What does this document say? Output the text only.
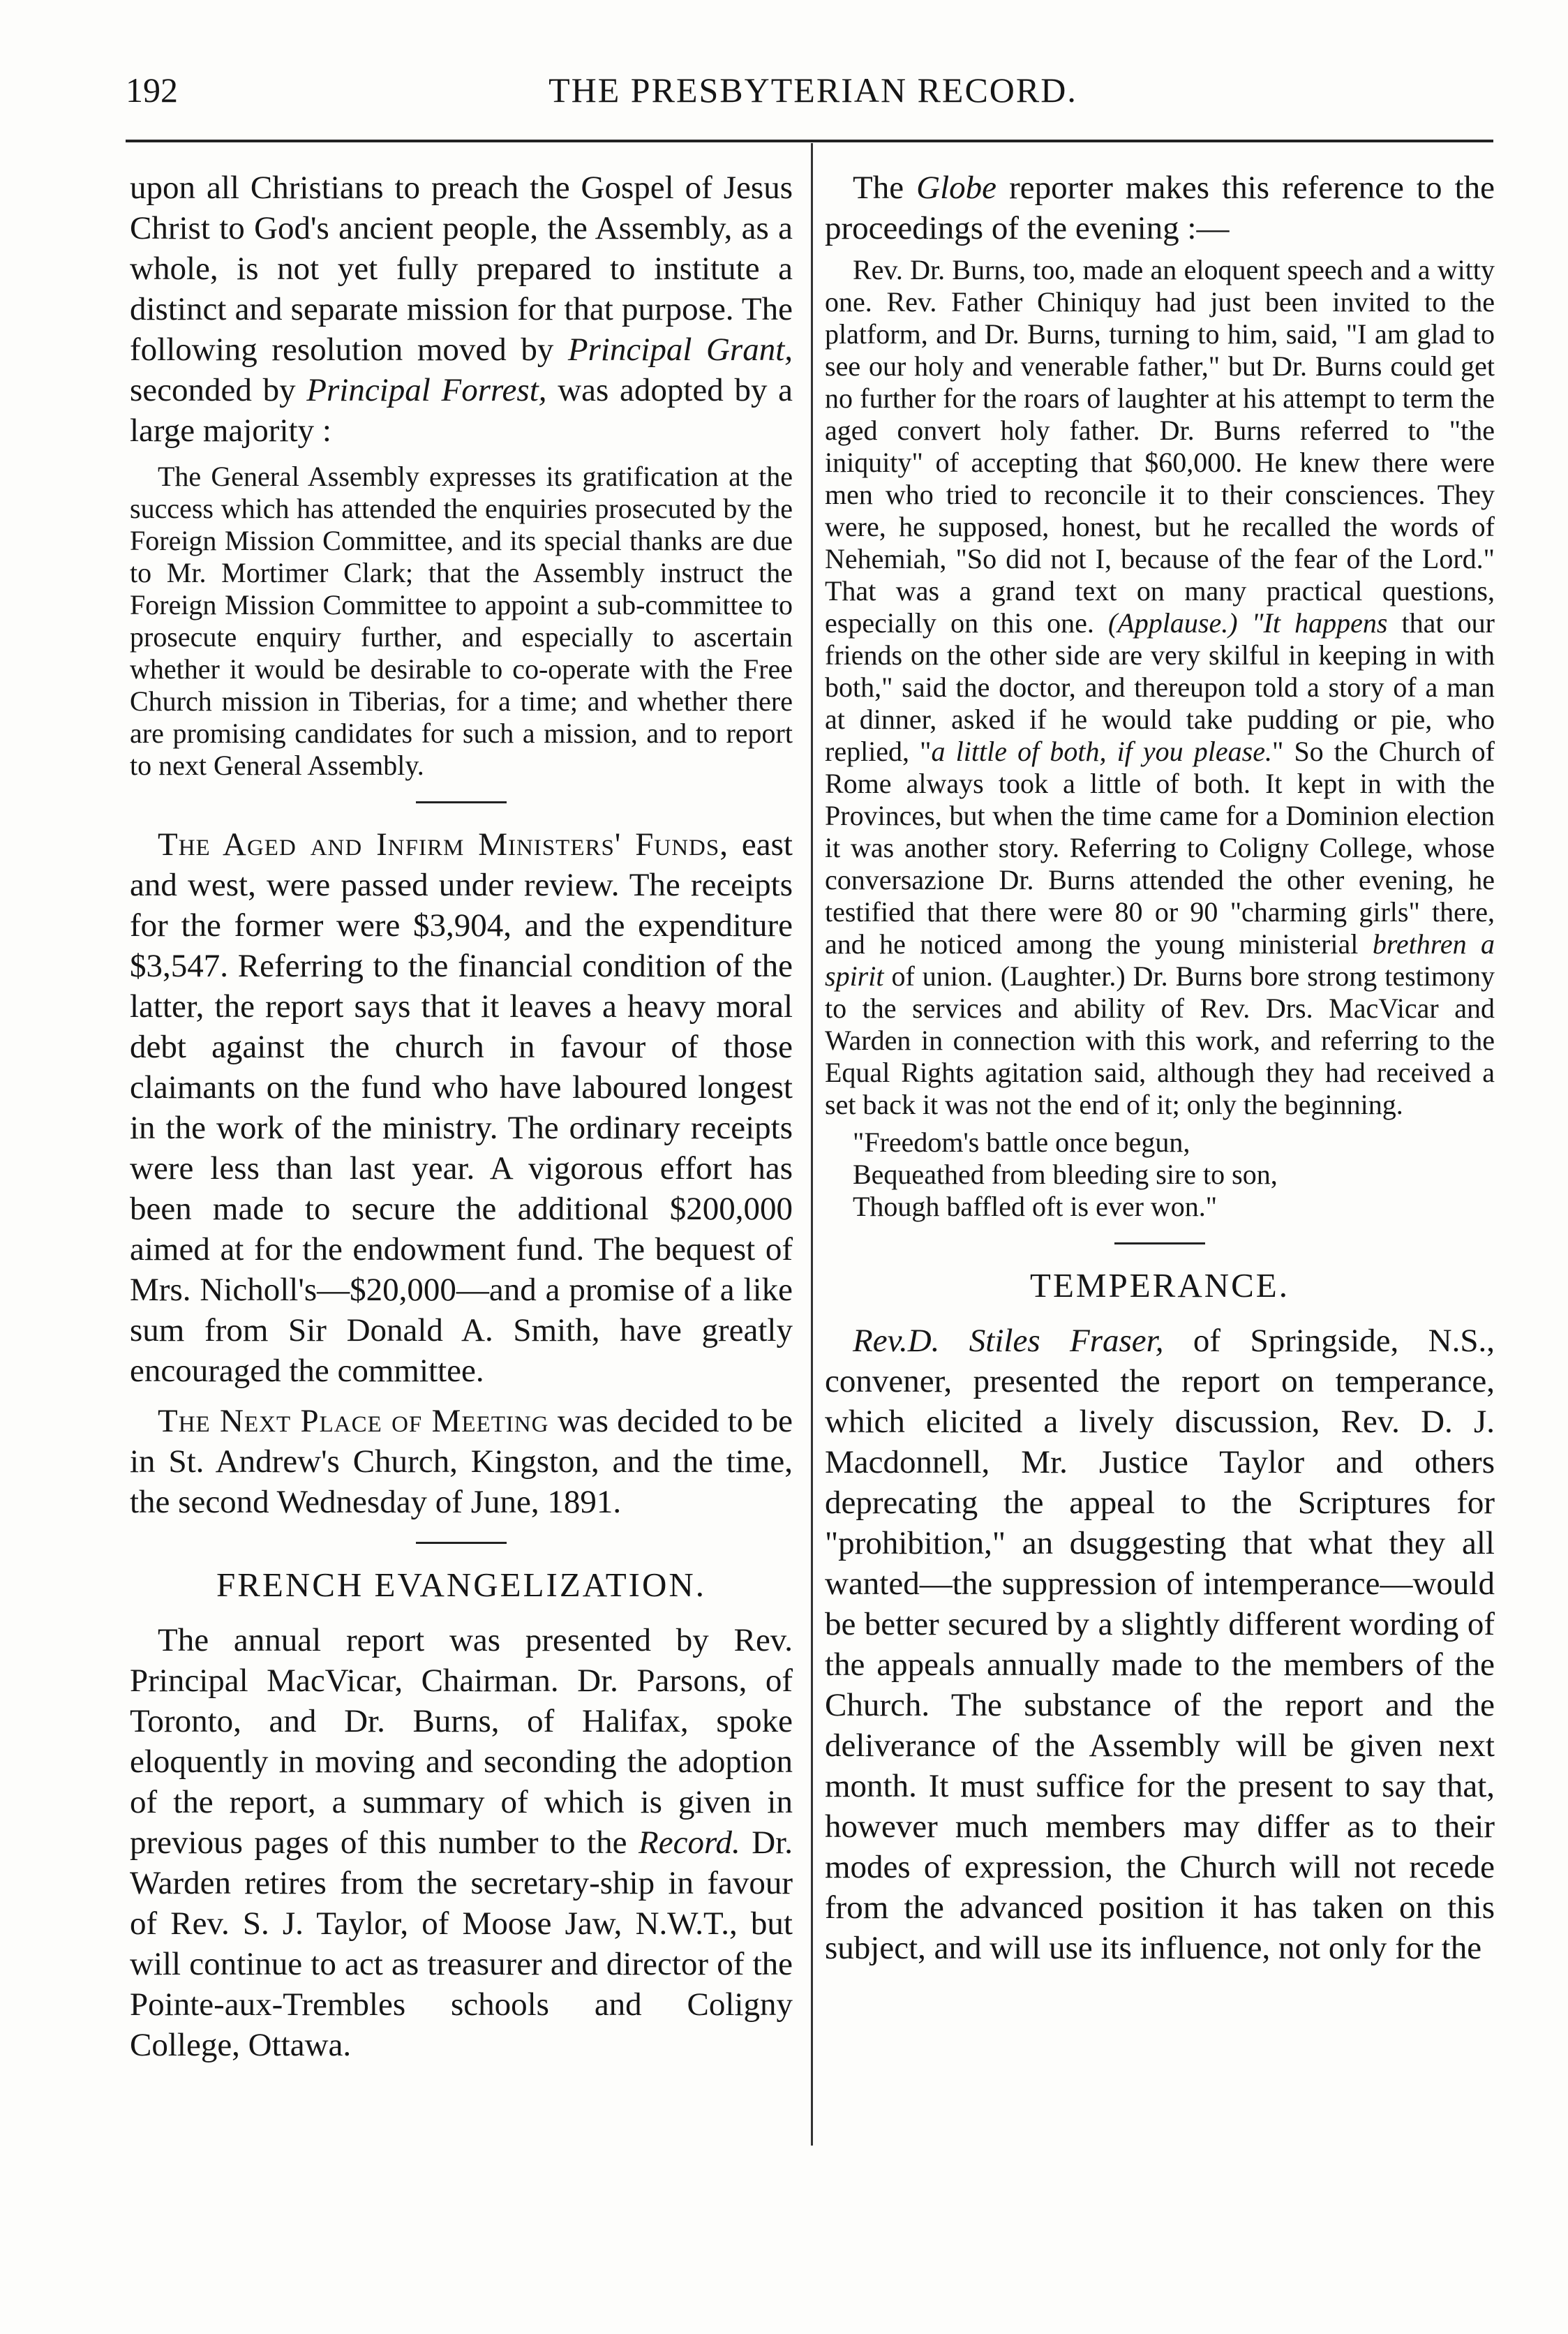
192	THE PRESBYTERIAN RECORD.

upon all Christians to preach the Gospel of Jesus Christ to God's ancient people, the Assembly, as a whole, is not yet fully prepared to institute a distinct and separate mission for that purpose. The following resolution moved by Principal Grant, seconded by Principal Forrest, was adopted by a large majority :

The General Assembly expresses its gratification at the success which has attended the enquiries prosecuted by the Foreign Mission Committee, and its special thanks are due to Mr. Mortimer Clark; that the Assembly instruct the Foreign Mission Committee to appoint a sub-committee to prosecute enquiry further, and especially to ascertain whether it would be desirable to co-operate with the Free Church mission in Tiberias, for a time; and whether there are promising candidates for such a mission, and to report to next General Assembly.

The Aged and Infirm Ministers' Funds, east and west, were passed under review. The receipts for the former were $3,904, and the expenditure $3,547. Referring to the financial condition of the latter, the report says that it leaves a heavy moral debt against the church in favour of those claimants on the fund who have laboured longest in the work of the ministry. The ordinary receipts were less than last year. A vigorous effort has been made to secure the additional $200,000 aimed at for the endowment fund. The bequest of Mrs. Nicholl's—$20,000—and a promise of a like sum from Sir Donald A. Smith, have greatly encouraged the committee.

The Next Place of Meeting was decided to be in St. Andrew's Church, Kingston, and the time, the second Wednesday of June, 1891.

FRENCH EVANGELIZATION.

The annual report was presented by Rev. Principal MacVicar, Chairman. Dr. Parsons, of Toronto, and Dr. Burns, of Halifax, spoke eloquently in moving and seconding the adoption of the report, a summary of which is given in previous pages of this number to the Record. Dr. Warden retires from the secretary-ship in favour of Rev. S. J. Taylor, of Moose Jaw, N.W.T., but will continue to act as treasurer and director of the Pointe-aux-Trembles schools and Coligny College, Ottawa.

The Globe reporter makes this reference to the proceedings of the evening :—

Rev. Dr. Burns, too, made an eloquent speech and a witty one. Rev. Father Chiniquy had just been invited to the platform, and Dr. Burns, turning to him, said, "I am glad to see our holy and venerable father," but Dr. Burns could get no further for the roars of laughter at his attempt to term the aged convert holy father. Dr. Burns referred to "the iniquity" of accepting that $60,000. He knew there were men who tried to reconcile it to their consciences. They were, he supposed, honest, but he recalled the words of Nehemiah, "So did not I, because of the fear of the Lord." That was a grand text on many practical questions, especially on this one. (Applause.) "It happens that our friends on the other side are very skilful in keeping in with both," said the doctor, and thereupon told a story of a man at dinner, asked if he would take pudding or pie, who replied, "a little of both, if you please." So the Church of Rome always took a little of both. It kept in with the Provinces, but when the time came for a Dominion election it was another story. Referring to Coligny College, whose conversazione Dr. Burns attended the other evening, he testified that there were 80 or 90 "charming girls" there, and he noticed among the young ministerial brethren a spirit of union. (Laughter.) Dr. Burns bore strong testimony to the services and ability of Rev. Drs. MacVicar and Warden in connection with this work, and referring to the Equal Rights agitation said, although they had received a set back it was not the end of it; only the beginning.

"Freedom's battle once begun,
Bequeathed from bleeding sire to son,
Though baffled oft is ever won."
TEMPERANCE.

Rev.D. Stiles Fraser, of Springside, N.S., convener, presented the report on temperance, which elicited a lively discussion, Rev. D. J. Macdonnell, Mr. Justice Taylor and others deprecating the appeal to the Scriptures for "prohibition," an dsuggesting that what they all wanted—the suppression of intemperance—would be better secured by a slightly different wording of the appeals annually made to the members of the Church. The substance of the report and the deliverance of the Assembly will be given next month. It must suffice for the present to say that, however much members may differ as to their modes of expression, the Church will not recede from the advanced position it has taken on this subject, and will use its influence, not only for the
